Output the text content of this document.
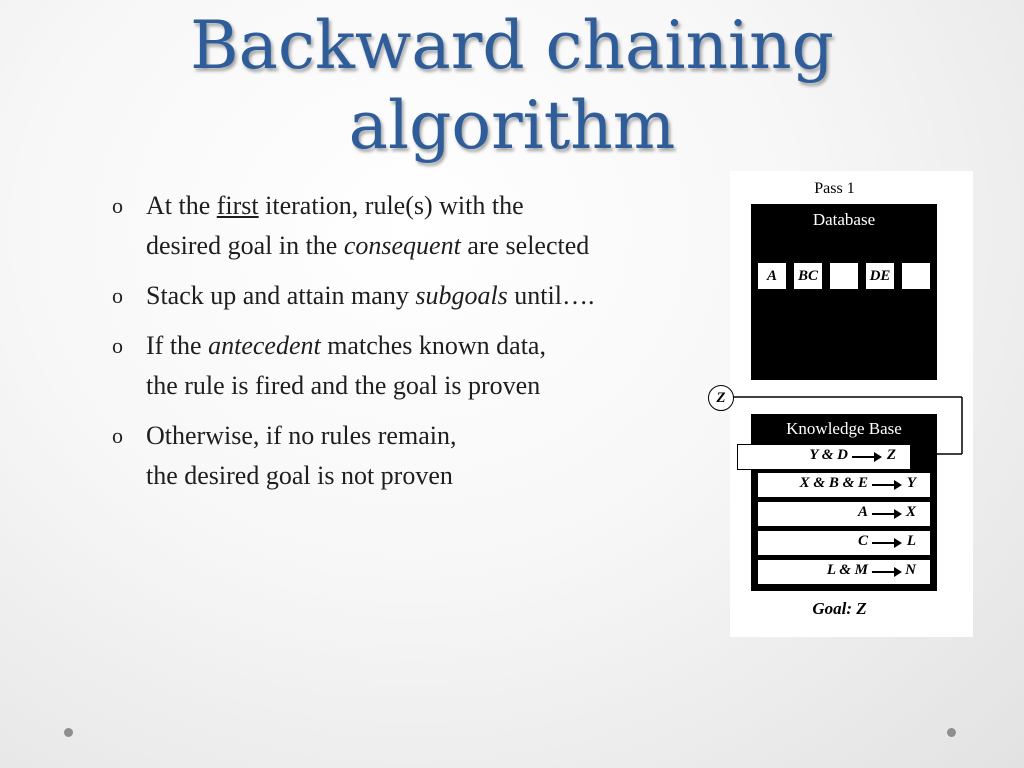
Backward chaining
algorithm
o At the first iteration, rule(s) with the
desired goal in the consequent are selected
o Stack up and attain many subgoals until….
o If the antecedent matches known data,
the rule is fired and the goal is proven
o Otherwise, if no rules remain,
the desired goal is not proven
Pass 1
Database
A	BC	DE
Z
Knowledge Base
Y & D	Z
X & B & E	Y
A	X
C	L
L & M N
Goal: Z
